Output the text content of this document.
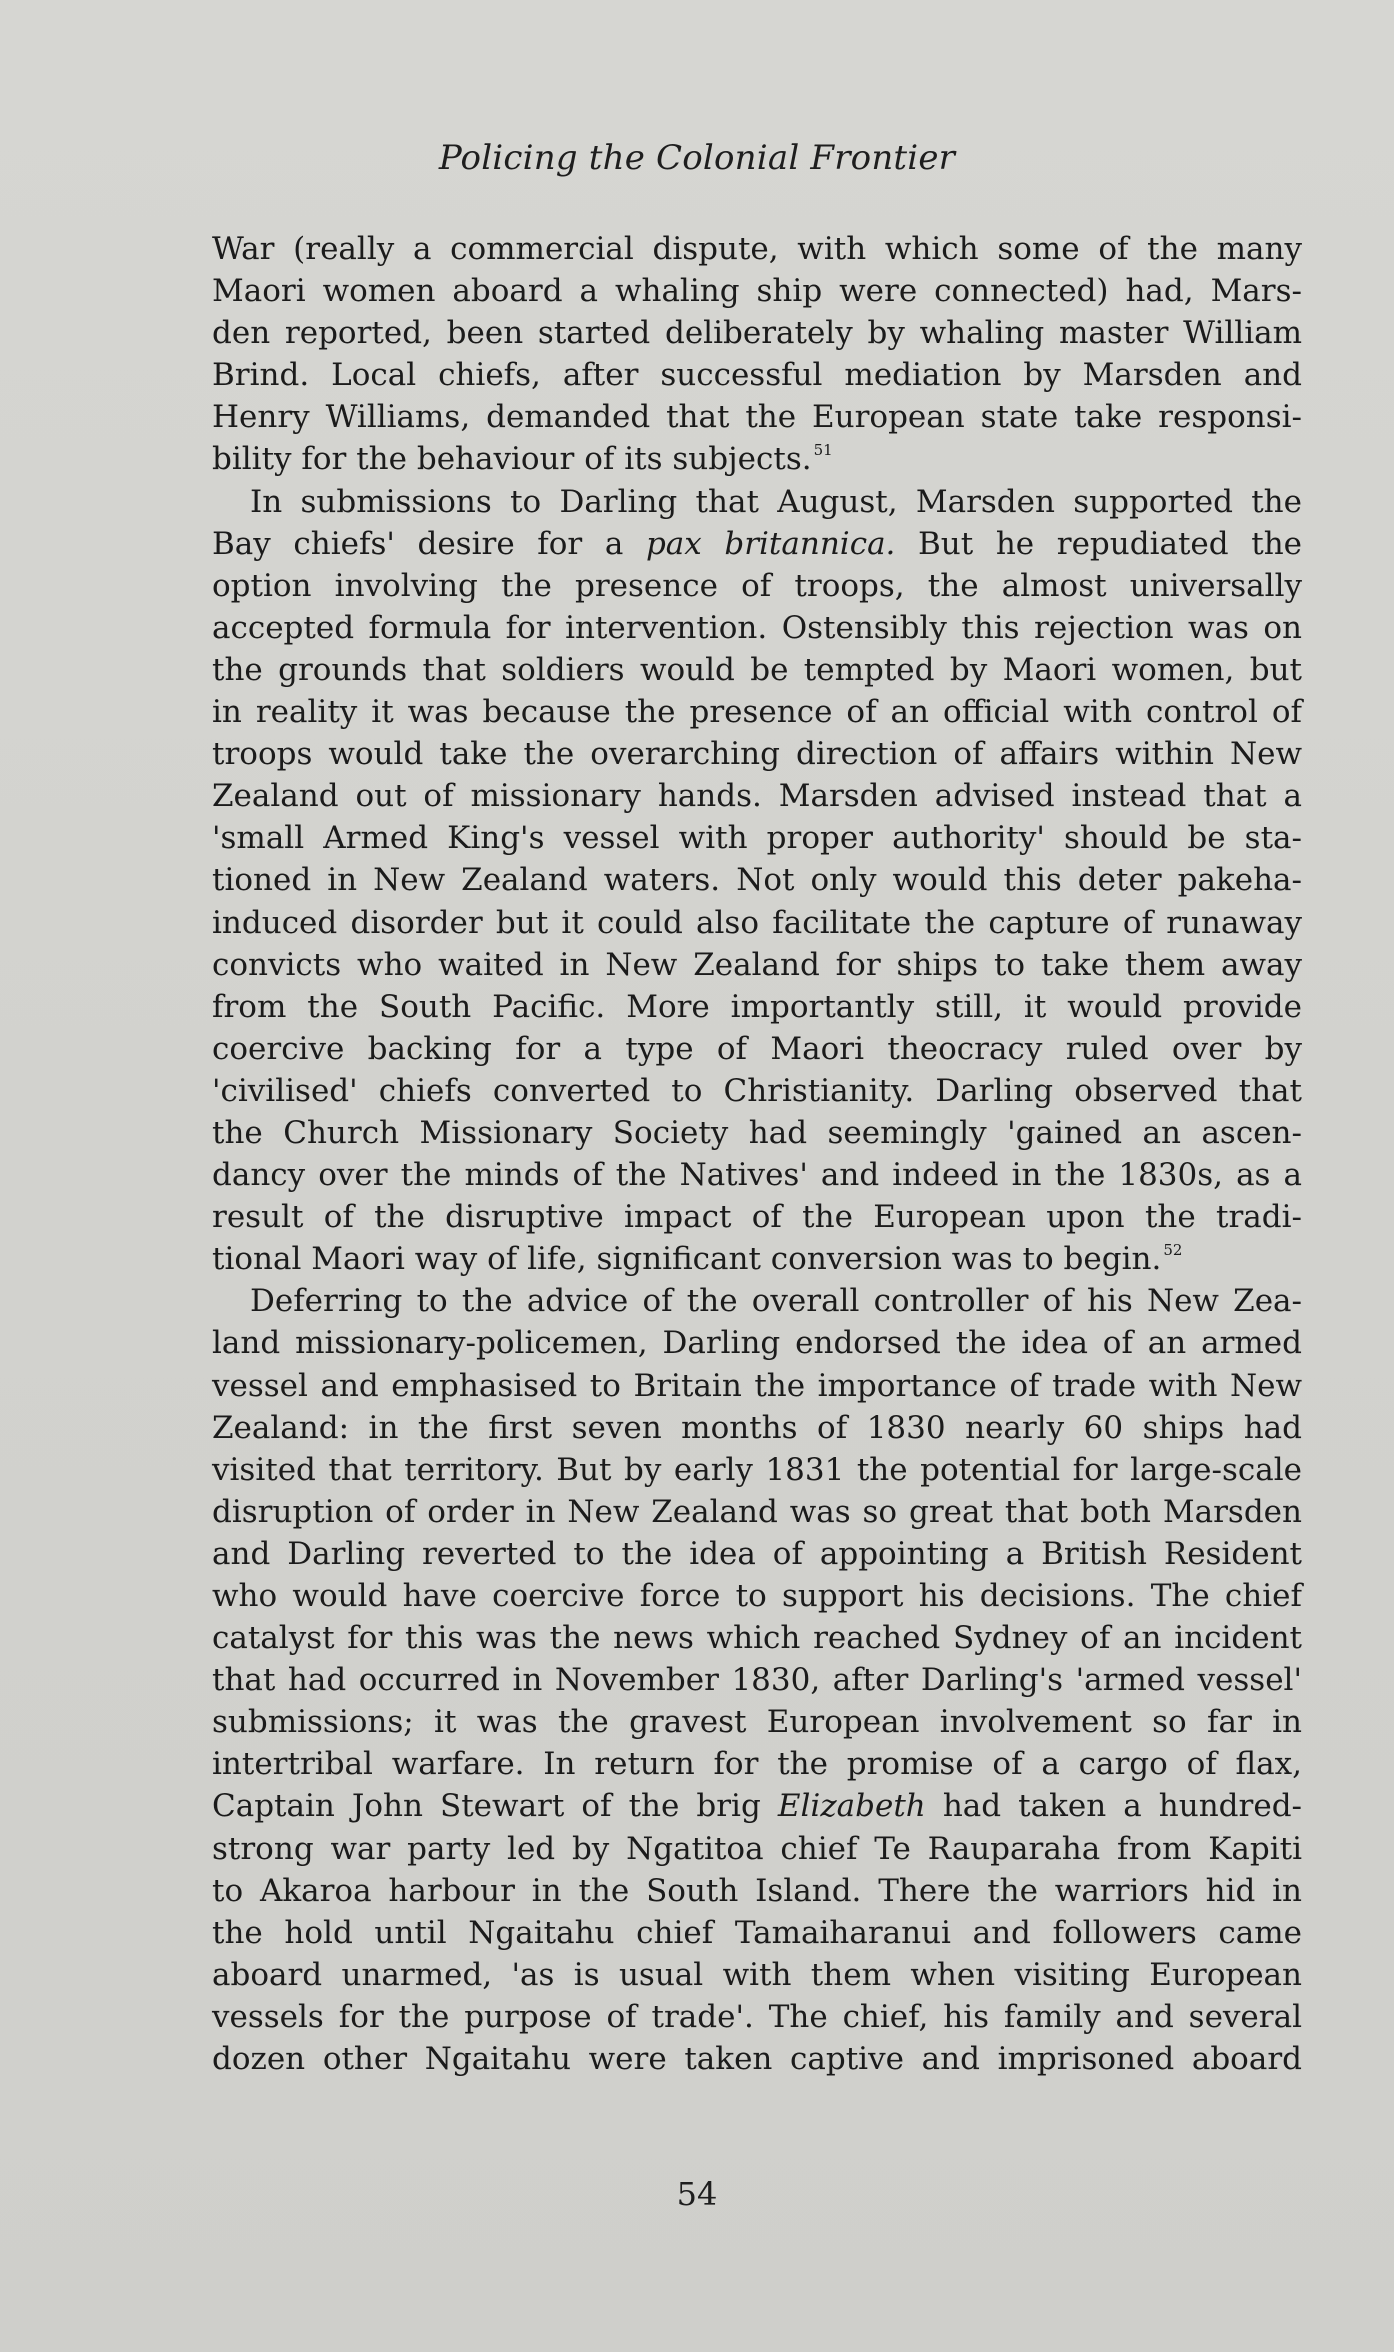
Policing the Colonial Frontier
War (really a commercial dispute, with which some of the many
Maori women aboard a whaling ship were connected) had, Mars-
den reported, been started deliberately by whaling master William
Brind. Local chiefs, after successful mediation by Marsden and
Henry Williams, demanded that the European state take responsi-
bility for the behaviour of its subjects. $^{51}$
In submissions to Darling that August, Marsden supported the
Bay chiefs' desire for a pax britannica. But he repudiated the
option involving the presence of troops, the almost universally
accepted formula for intervention. Ostensibly this rejection was on
the grounds that soldiers would be tempted by Maori women, but
in reality it was because the presence of an official with control of
troops would take the overarching direction of affairs within New
Zealand out of missionary hands. Marsden advised instead that a
'small Armed King's vessel with proper authority' should be sta-
tioned in New Zealand waters. Not only would this deter pakeha-
induced disorder but it could also facilitate the capture of runaway
convicts who waited in New Zealand for ships to take them away
from the South Pacific. More importantly still, it would provide
coercive backing for a type of Maori theocracy ruled over by
'civilised' chiefs converted to Christianity. Darling observed that
the Church Missionary Society had seemingly 'gained an ascen-
dancy over the minds of the Natives' and indeed in the 1830s, as a
result of the disruptive impact of the European upon the tradi-
tional Maori way of life, significant conversion was to begin. $^{52}$
Deferring to the advice of the overall controller of his New Zea-
land missionary-policemen, Darling endorsed the idea of an armed
vessel and emphasised to Britain the importance of trade with New
Zealand: in the first seven months of 1830 nearly 60 ships had
visited that territory. But by early 1831 the potential for large-scale
disruption of order in New Zealand was so great that both Marsden
and Darling reverted to the idea of appointing a British Resident
who would have coercive force to support his decisions. The chief
catalyst for this was the news which reached Sydney of an incident
that had occurred in November 1830, after Darling's 'armed vessel'
submissions; it was the gravest European involvement so far in
intertribal warfare. In return for the promise of a cargo of flax,
Captain John Stewart of the brig Elizabeth had taken a hundred-
strong war party led by Ngatitoa chief Te Rauparaha from Kapiti
to Akaroa harbour in the South Island. There the warriors hid in
the hold until Ngaitahu chief Tamaiharanui and followers came
aboard unarmed, 'as is usual with them when visiting European
vessels for the purpose of trade'. The chief, his family and several
dozen other Ngaitahu were taken captive and imprisoned aboard
54
